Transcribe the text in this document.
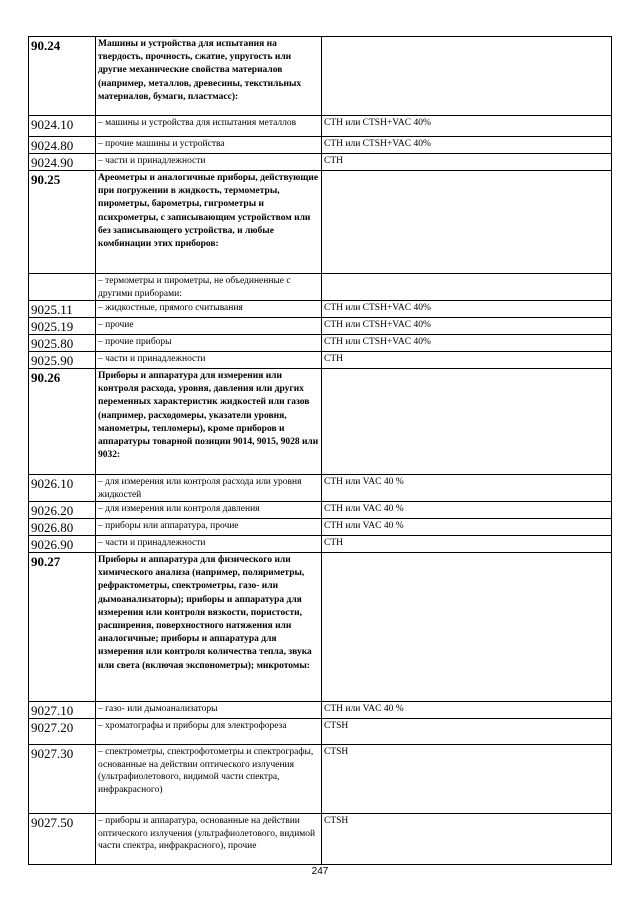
90.24	Машины и устройства для испытания на твердость, прочность, сжатие, упругость или другие механические свойства материалов (например, металлов, древесины, текстильных материалов, бумаги, пластмасс):	

9024.10	– машины и устройства для испытания металлов	СТН или CTSH+VAC 40%

9024.80	– прочие машины и устройства	СТН или CTSH+VAC 40%

9024.90	– части и принадлежности	СТН

90.25	Ареометры и аналогичные приборы, действующие при погружении в жидкость, термометры, пирометры, барометры, гигрометры и психрометры, с записывающим устройством или без записывающего устройства, и любые комбинации этих приборов:	

	– термометры и пирометры, не объединенные с другими приборами:	

9025.11	– жидкостные, прямого считывания	СТН или CTSH+VAC 40%

9025.19	– прочие	СТН или CTSH+VAC 40%

9025.80	– прочие приборы	СТН или CTSH+VAC 40%

9025.90	– части и принадлежности	СТН

90.26	Приборы и аппаратура для измерения или контроля расхода, уровня, давления или других переменных характеристик жидкостей или газов (например, расходомеры, указатели уровня, манометры, тепломеры), кроме приборов и аппаратуры товарной позиции 9014, 9015, 9028 или 9032:	

9026.10	– для измерения или контроля расхода или уровня жидкостей	СТН или VAC 40 %

9026.20	– для измерения или контроля давления	СТН или VAC 40 %

9026.80	– приборы или аппаратура, прочие	СТН или VAC 40 %

9026.90	– части и принадлежности	СТН

90.27	Приборы и аппаратура для физического или химического анализа (например, поляриметры, рефрактометры, спектрометры, газо- или дымоанализаторы); приборы и аппаратура для измерения или контроля вязкости, пористости, расширения, поверхностного натяжения или аналогичные; приборы и аппаратура для измерения или контроля количества тепла, звука или света (включая экспонометры); микротомы:	

9027.10	– газо- или дымоанализаторы	СТН или VAC 40 %

9027.20	– хроматографы и приборы для электрофореза	CTSH

9027.30	– спектрометры, спектрофотометры и спектрографы, основанные на действии оптического излучения (ультрафиолетового, видимой части спектра, инфракрасного)	CTSH

9027.50	– приборы и аппаратура, основанные на действии оптического излучения (ультрафиолетового, видимой части спектра, инфракрасного), прочие	CTSH
247
